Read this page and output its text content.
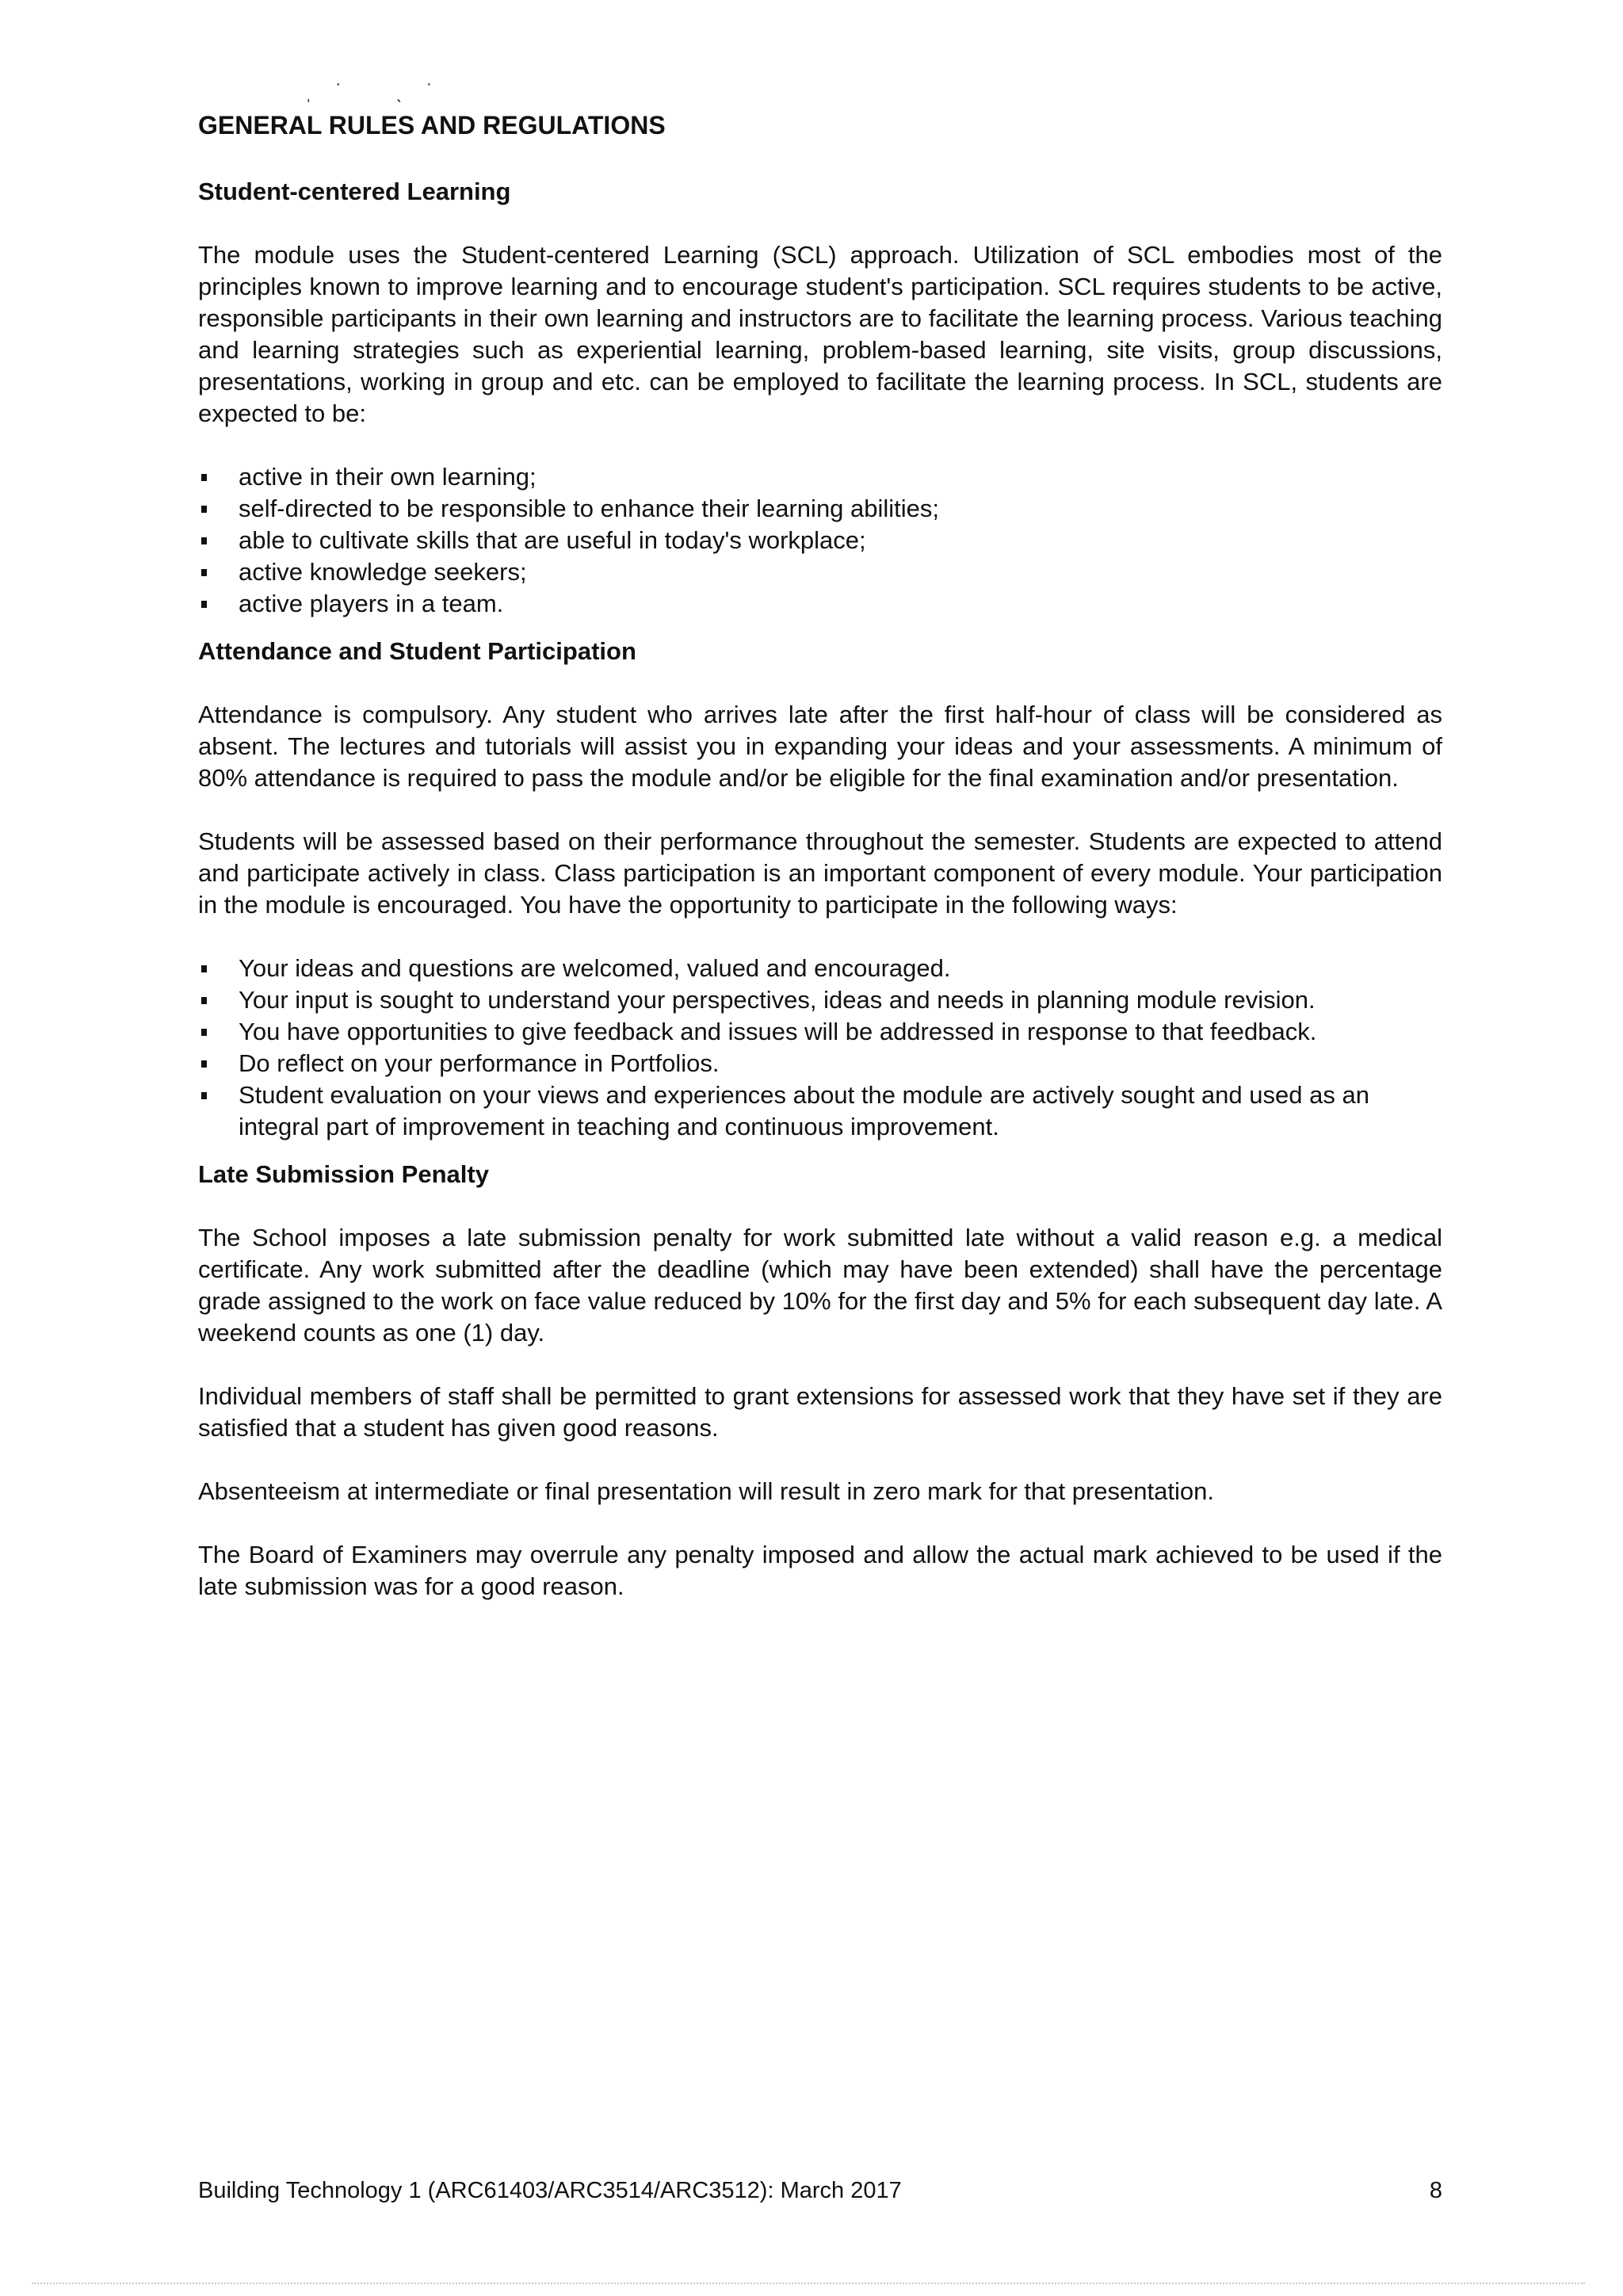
ˌ˙ ˎ˙
GENERAL RULES AND REGULATIONS
Student-centered Learning

The module uses the Student-centered Learning (SCL) approach. Utilization of SCL embodies most of the principles known to improve learning and to encourage student's participation. SCL requires students to be active, responsible participants in their own learning and instructors are to facilitate the learning process. Various teaching and learning strategies such as experiential learning, problem-based learning, site visits, group discussions, presentations, working in group and etc. can be employed to facilitate the learning process. In SCL, students are expected to be:

active in their own learning;
self-directed to be responsible to enhance their learning abilities;
able to cultivate skills that are useful in today's workplace;
active knowledge seekers;
active players in a team.
Attendance and Student Participation

Attendance is compulsory. Any student who arrives late after the first half-hour of class will be considered as absent. The lectures and tutorials will assist you in expanding your ideas and your assessments. A minimum of 80% attendance is required to pass the module and/or be eligible for the final examination and/or presentation.

Students will be assessed based on their performance throughout the semester. Students are expected to attend and participate actively in class. Class participation is an important component of every module. Your participation in the module is encouraged. You have the opportunity to participate in the following ways:

Your ideas and questions are welcomed, valued and encouraged.
Your input is sought to understand your perspectives, ideas and needs in planning module revision.
You have opportunities to give feedback and issues will be addressed in response to that feedback.
Do reflect on your performance in Portfolios.
Student evaluation on your views and experiences about the module are actively sought and used as an integral part of improvement in teaching and continuous improvement.
Late Submission Penalty

The School imposes a late submission penalty for work submitted late without a valid reason e.g. a medical certificate. Any work submitted after the deadline (which may have been extended) shall have the percentage grade assigned to the work on face value reduced by 10% for the first day and 5% for each subsequent day late. A weekend counts as one (1) day.

Individual members of staff shall be permitted to grant extensions for assessed work that they have set if they are satisfied that a student has given good reasons.

Absenteeism at intermediate or final presentation will result in zero mark for that presentation.

The Board of Examiners may overrule any penalty imposed and allow the actual mark achieved to be used if the late submission was for a good reason.

Building Technology 1 (ARC61403/ARC3514/ARC3512): March 2017	8
